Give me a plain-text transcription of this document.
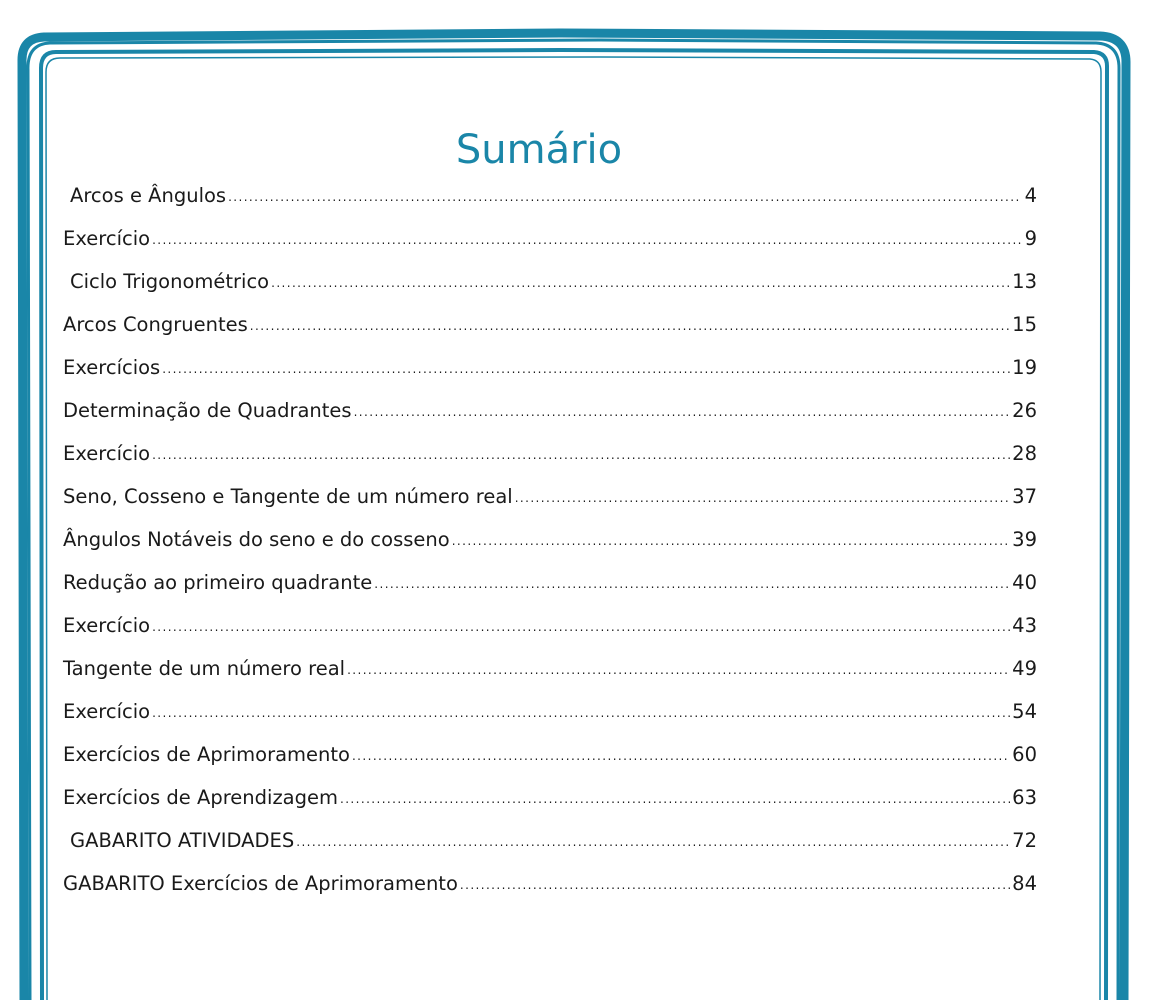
Sumário
Arcos e Ângulos .....	4
Exercício .....	9
Ciclo Trigonométrico .....	13
Arcos Congruentes .....	15
Exercícios .....	19
Determinação de Quadrantes .....	26
Exercício .....	28
Seno, Cosseno e Tangente de um número real .....	37
Ângulos Notáveis do seno e do cosseno .....	39
Redução ao primeiro quadrante .....	40
Exercício .....	43
Tangente de um número real .....	49
Exercício .....	54
Exercícios de Aprimoramento .....	60
Exercícios de Aprendizagem .....	63
GABARITO ATIVIDADES .....	72
GABARITO Exercícios de Aprimoramento .....	84
